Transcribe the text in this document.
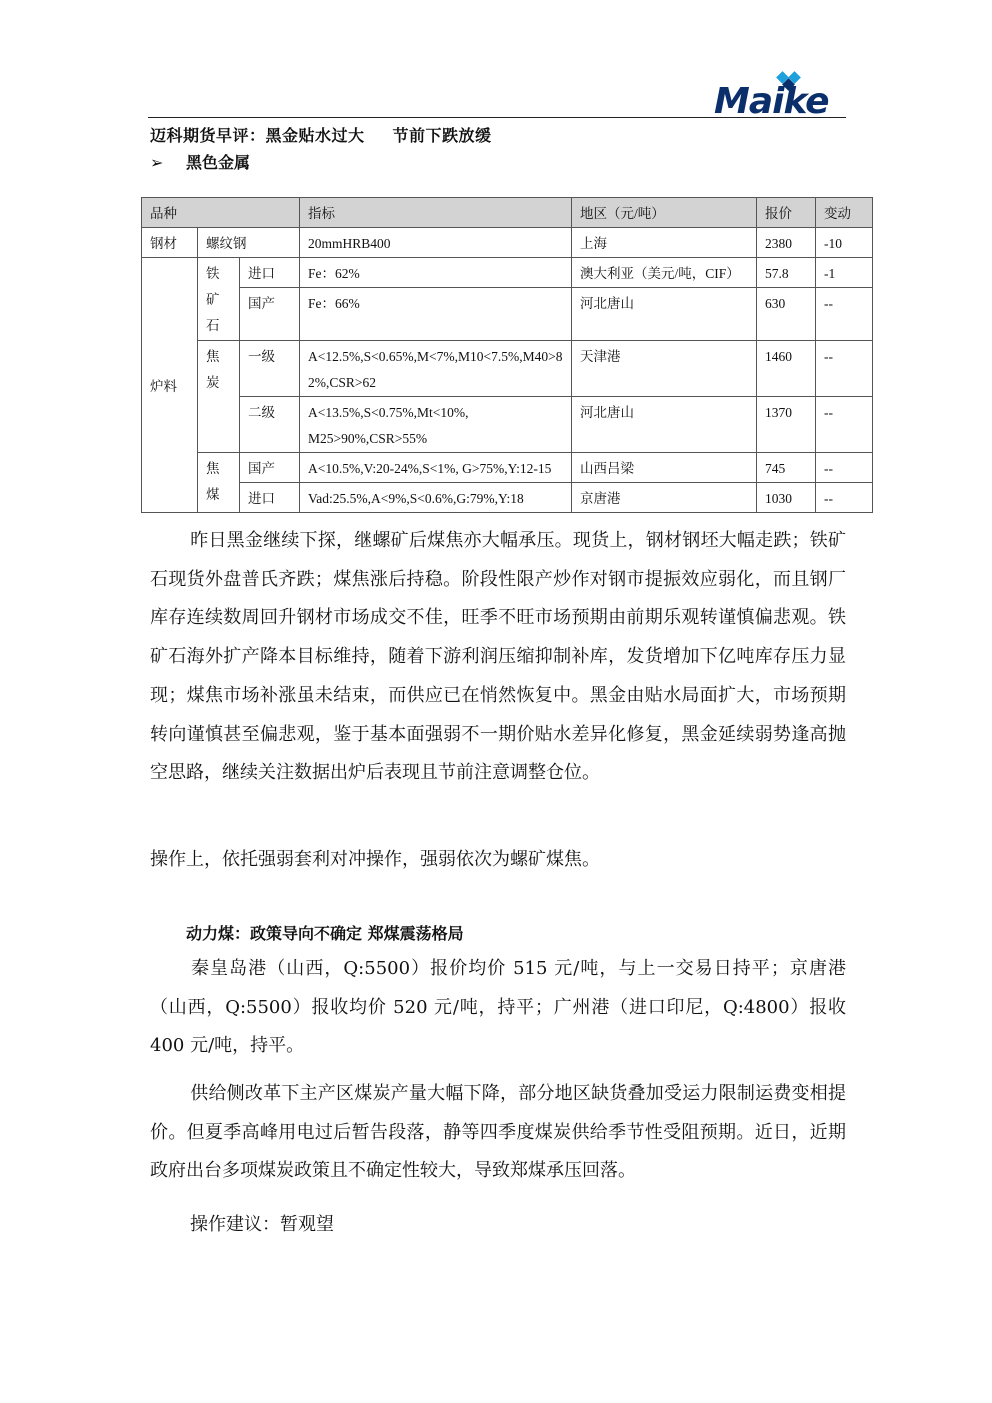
Maike
迈科期货早评：黑金贴水过大 节前下跌放缓
➢ 黑色金属
品种			指标	地区（元/吨）	报价	变动
钢材	螺纹钢		20mmHRB400	上海	2380	-10
炉料	铁矿石	进口	Fe：62%	澳大利亚（美元/吨，CIF）	57.8	-1
		国产	Fe：66%	河北唐山	630	--

	焦炭	一级	A<12.5%,S<0.65%,M<7%,M10<7.5%,M40>82%,CSR>62	天津港	1460	--
		二级	A<13.5%,S<0.75%,Mt<10%, M25>90%,CSR>55%	河北唐山	1370	--

	焦煤	国产	A<10.5%,V:20-24%,S<1%, G>75%,Y:12-15	山西吕梁	745	--
		进口	Vad:25.5%,A<9%,S<0.6%,G:79%,Y:18	京唐港	1030	--
昨日黑金继续下探，继螺矿后煤焦亦大幅承压。现货上，钢材钢坯大幅走跌；铁矿石现货外盘普氏齐跌；煤焦涨后持稳。阶段性限产炒作对钢市提振效应弱化，而且钢厂库存连续数周回升钢材市场成交不佳，旺季不旺市场预期由前期乐观转谨慎偏悲观。铁矿石海外扩产降本目标维持，随着下游利润压缩抑制补库，发货增加下亿吨库存压力显现；煤焦市场补涨虽未结束，而供应已在悄然恢复中。黑金由贴水局面扩大，市场预期转向谨慎甚至偏悲观，鉴于基本面强弱不一期价贴水差异化修复，黑金延续弱势逢高抛空思路，继续关注数据出炉后表现且节前注意调整仓位。
操作上，依托强弱套利对冲操作，强弱依次为螺矿煤焦。
动力煤：政策导向不确定 郑煤震荡格局
秦皇岛港（山西，Q:5500）报价均价 515 元/吨，与上一交易日持平；京唐港（山西，Q:5500）报收均价 520 元/吨，持平；广州港（进口印尼，Q:4800）报收 400 元/吨，持平。
供给侧改革下主产区煤炭产量大幅下降，部分地区缺货叠加受运力限制运费变相提价。但夏季高峰用电过后暂告段落，静等四季度煤炭供给季节性受阻预期。近日，近期政府出台多项煤炭政策且不确定性较大，导致郑煤承压回落。
操作建议：暂观望
